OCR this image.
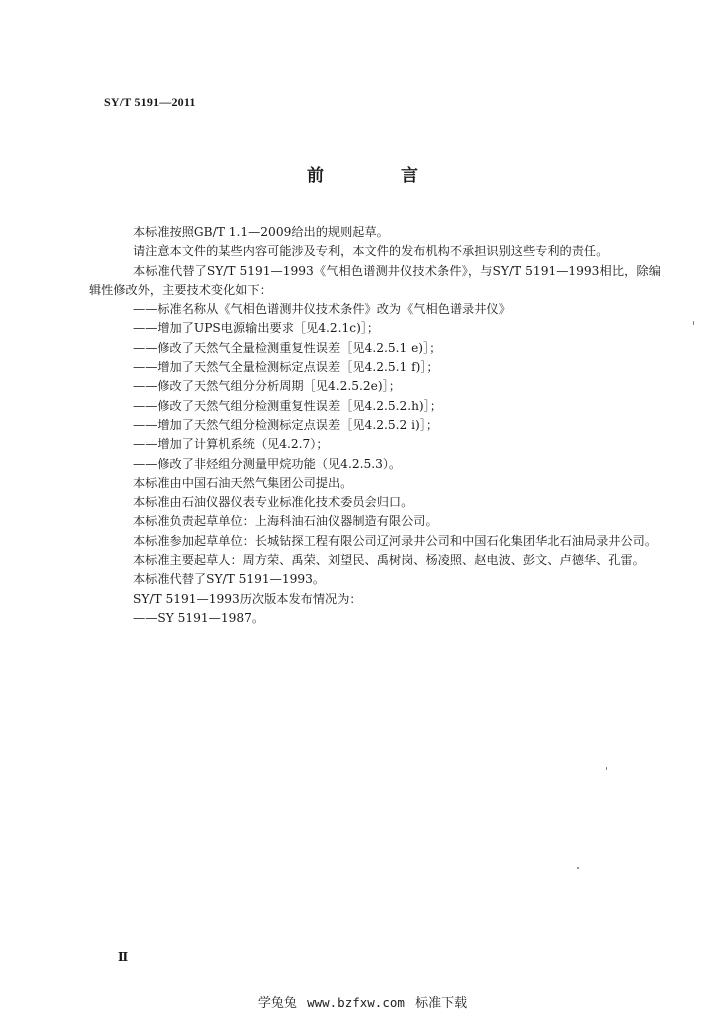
SY/T 5191—2011
前　言

本标准按照GB/T 1.1—2009给出的规则起草。

请注意本文件的某些内容可能涉及专利，本文件的发布机构不承担识别这些专利的责任。

本标准代替了SY/T 5191—1993《气相色谱测井仪技术条件》，与SY/T 5191—1993相比，除编辑性修改外，主要技术变化如下：

——标准名称从《气相色谱测井仪技术条件》改为《气相色谱录井仪》

——增加了UPS电源输出要求［见4.2.1c)］；

——修改了天然气全量检测重复性误差［见4.2.5.1 e)］；

——增加了天然气全量检测标定点误差［见4.2.5.1 f)］；

——修改了天然气组分分析周期［见4.2.5.2e)］；

——修改了天然气组分检测重复性误差［见4.2.5.2.h)］；

——增加了天然气组分检测标定点误差［见4.2.5.2 i)］；

——增加了计算机系统（见4.2.7）；

——修改了非烃组分测量甲烷功能（见4.2.5.3）。

本标准由中国石油天然气集团公司提出。

本标准由石油仪器仪表专业标准化技术委员会归口。

本标准负责起草单位：上海科油石油仪器制造有限公司。

本标准参加起草单位：长城钻探工程有限公司辽河录井公司和中国石化集团华北石油局录井公司。

本标准主要起草人：周方荣、禹荣、刘望民、禹树岗、杨凌照、赵电波、彭文、卢德华、孔雷。

本标准代替了SY/T 5191—1993。

SY/T 5191—1993历次版本发布情况为：

——SY 5191—1987。

Ⅱ
学兔兔 www.bzfxw.com 标准下载
